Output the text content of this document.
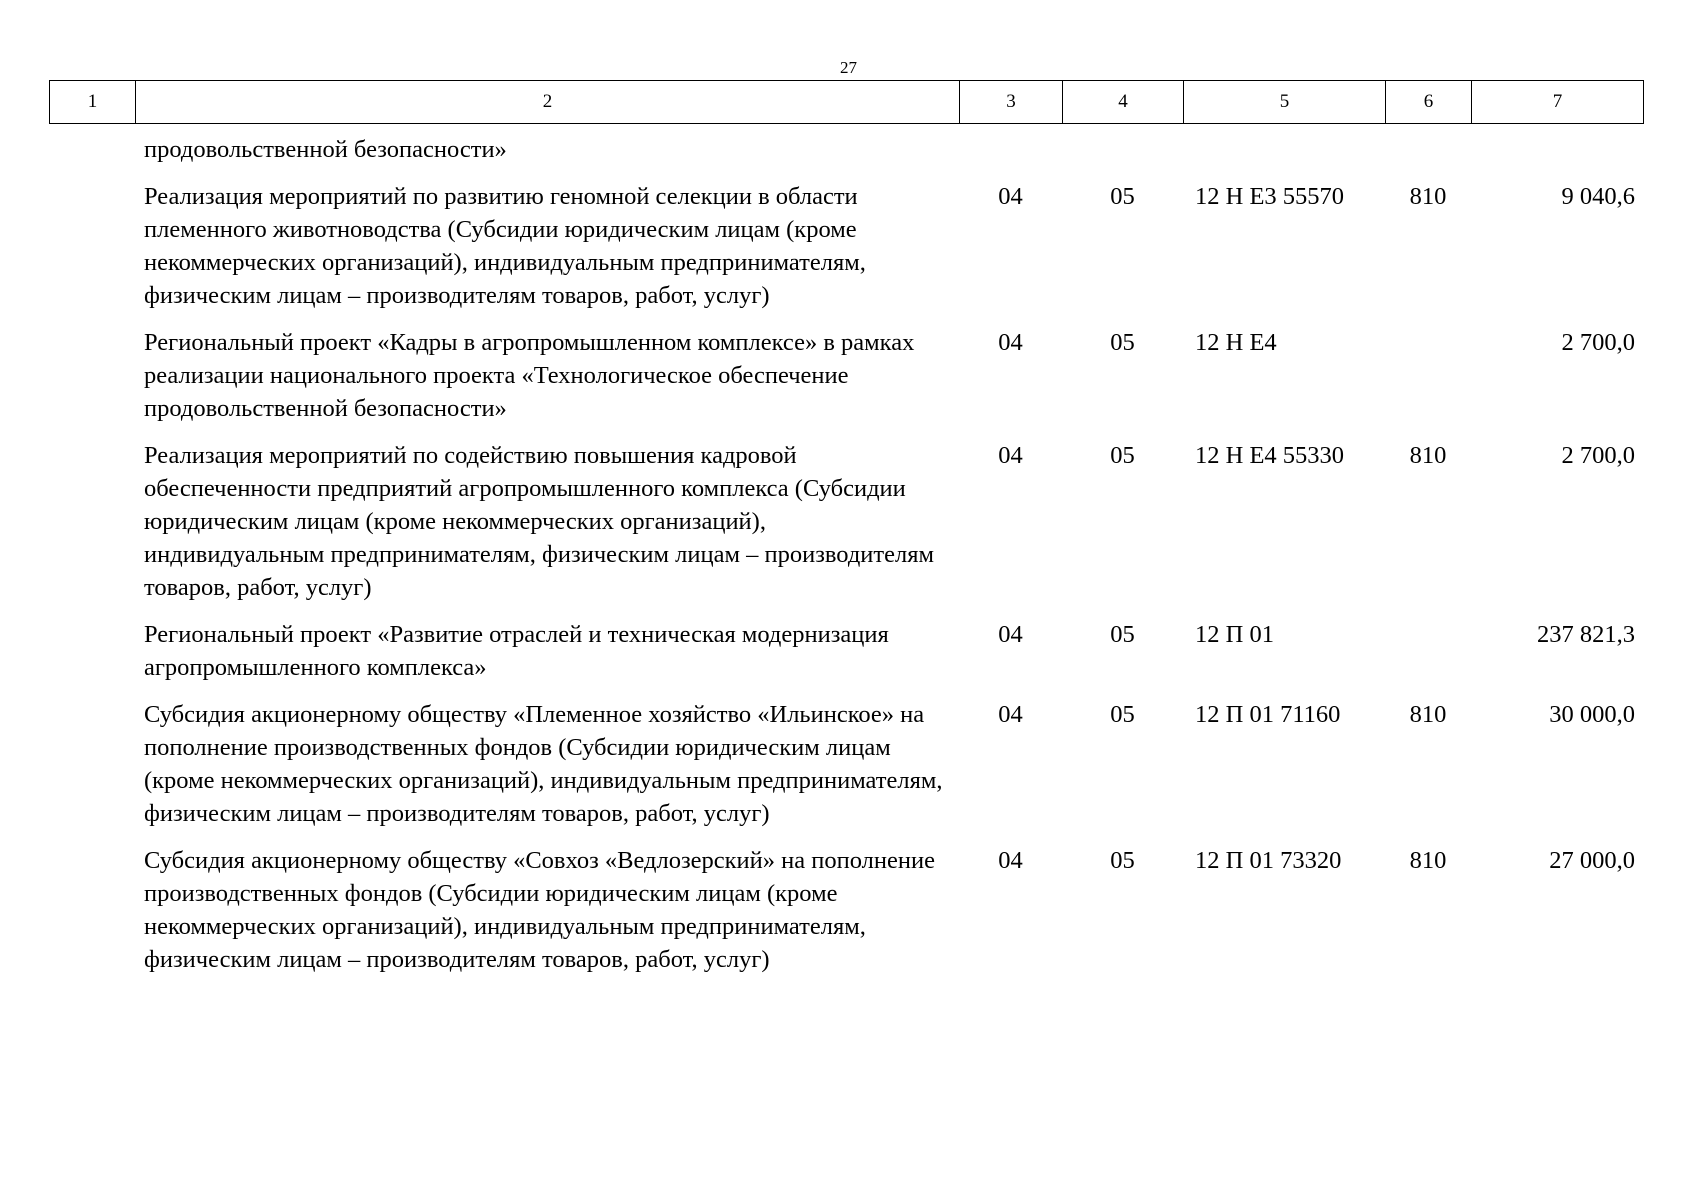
27
1	2	3	4	5	6	7
продовольственной безопасности»					
Реализация мероприятий по развитию геномной селекции в области племенного животноводства (Субсидии юридическим лицам (кроме некоммерческих организаций), индивидуальным предпринимателям, физическим лицам – производителям товаров, работ, услуг)	04	05	12 Н Е3 55570	810	9 040,6
Региональный проект «Кадры в агропромышленном комплексе» в рамках реализации национального проекта «Технологическое обеспечение продовольственной безопасности»	04	05	12 Н Е4		2 700,0
Реализация мероприятий по содействию повышения кадровой обеспеченности предприятий агропромышленного комплекса (Субсидии юридическим лицам (кроме некоммерческих организаций), индивидуальным предпринимателям, физическим лицам – производителям товаров, работ, услуг)	04	05	12 Н Е4 55330	810	2 700,0
Региональный проект «Развитие отраслей и техническая модернизация агропромышленного комплекса»	04	05	12 П 01		237 821,3
Субсидия акционерному обществу «Племенное хозяйство «Ильинское» на пополнение производственных фондов (Субсидии юридическим лицам (кроме некоммерческих организаций), индивидуальным предпринимателям, физическим лицам – производителям товаров, работ, услуг)	04	05	12 П 01 71160	810	30 000,0
Субсидия акционерному обществу «Совхоз «Ведлозерский» на пополнение производственных фондов (Субсидии юридическим лицам (кроме некоммерческих организаций), индивидуальным предпринимателям, физическим лицам – производителям товаров, работ, услуг)	04	05	12 П 01 73320	810	27 000,0
